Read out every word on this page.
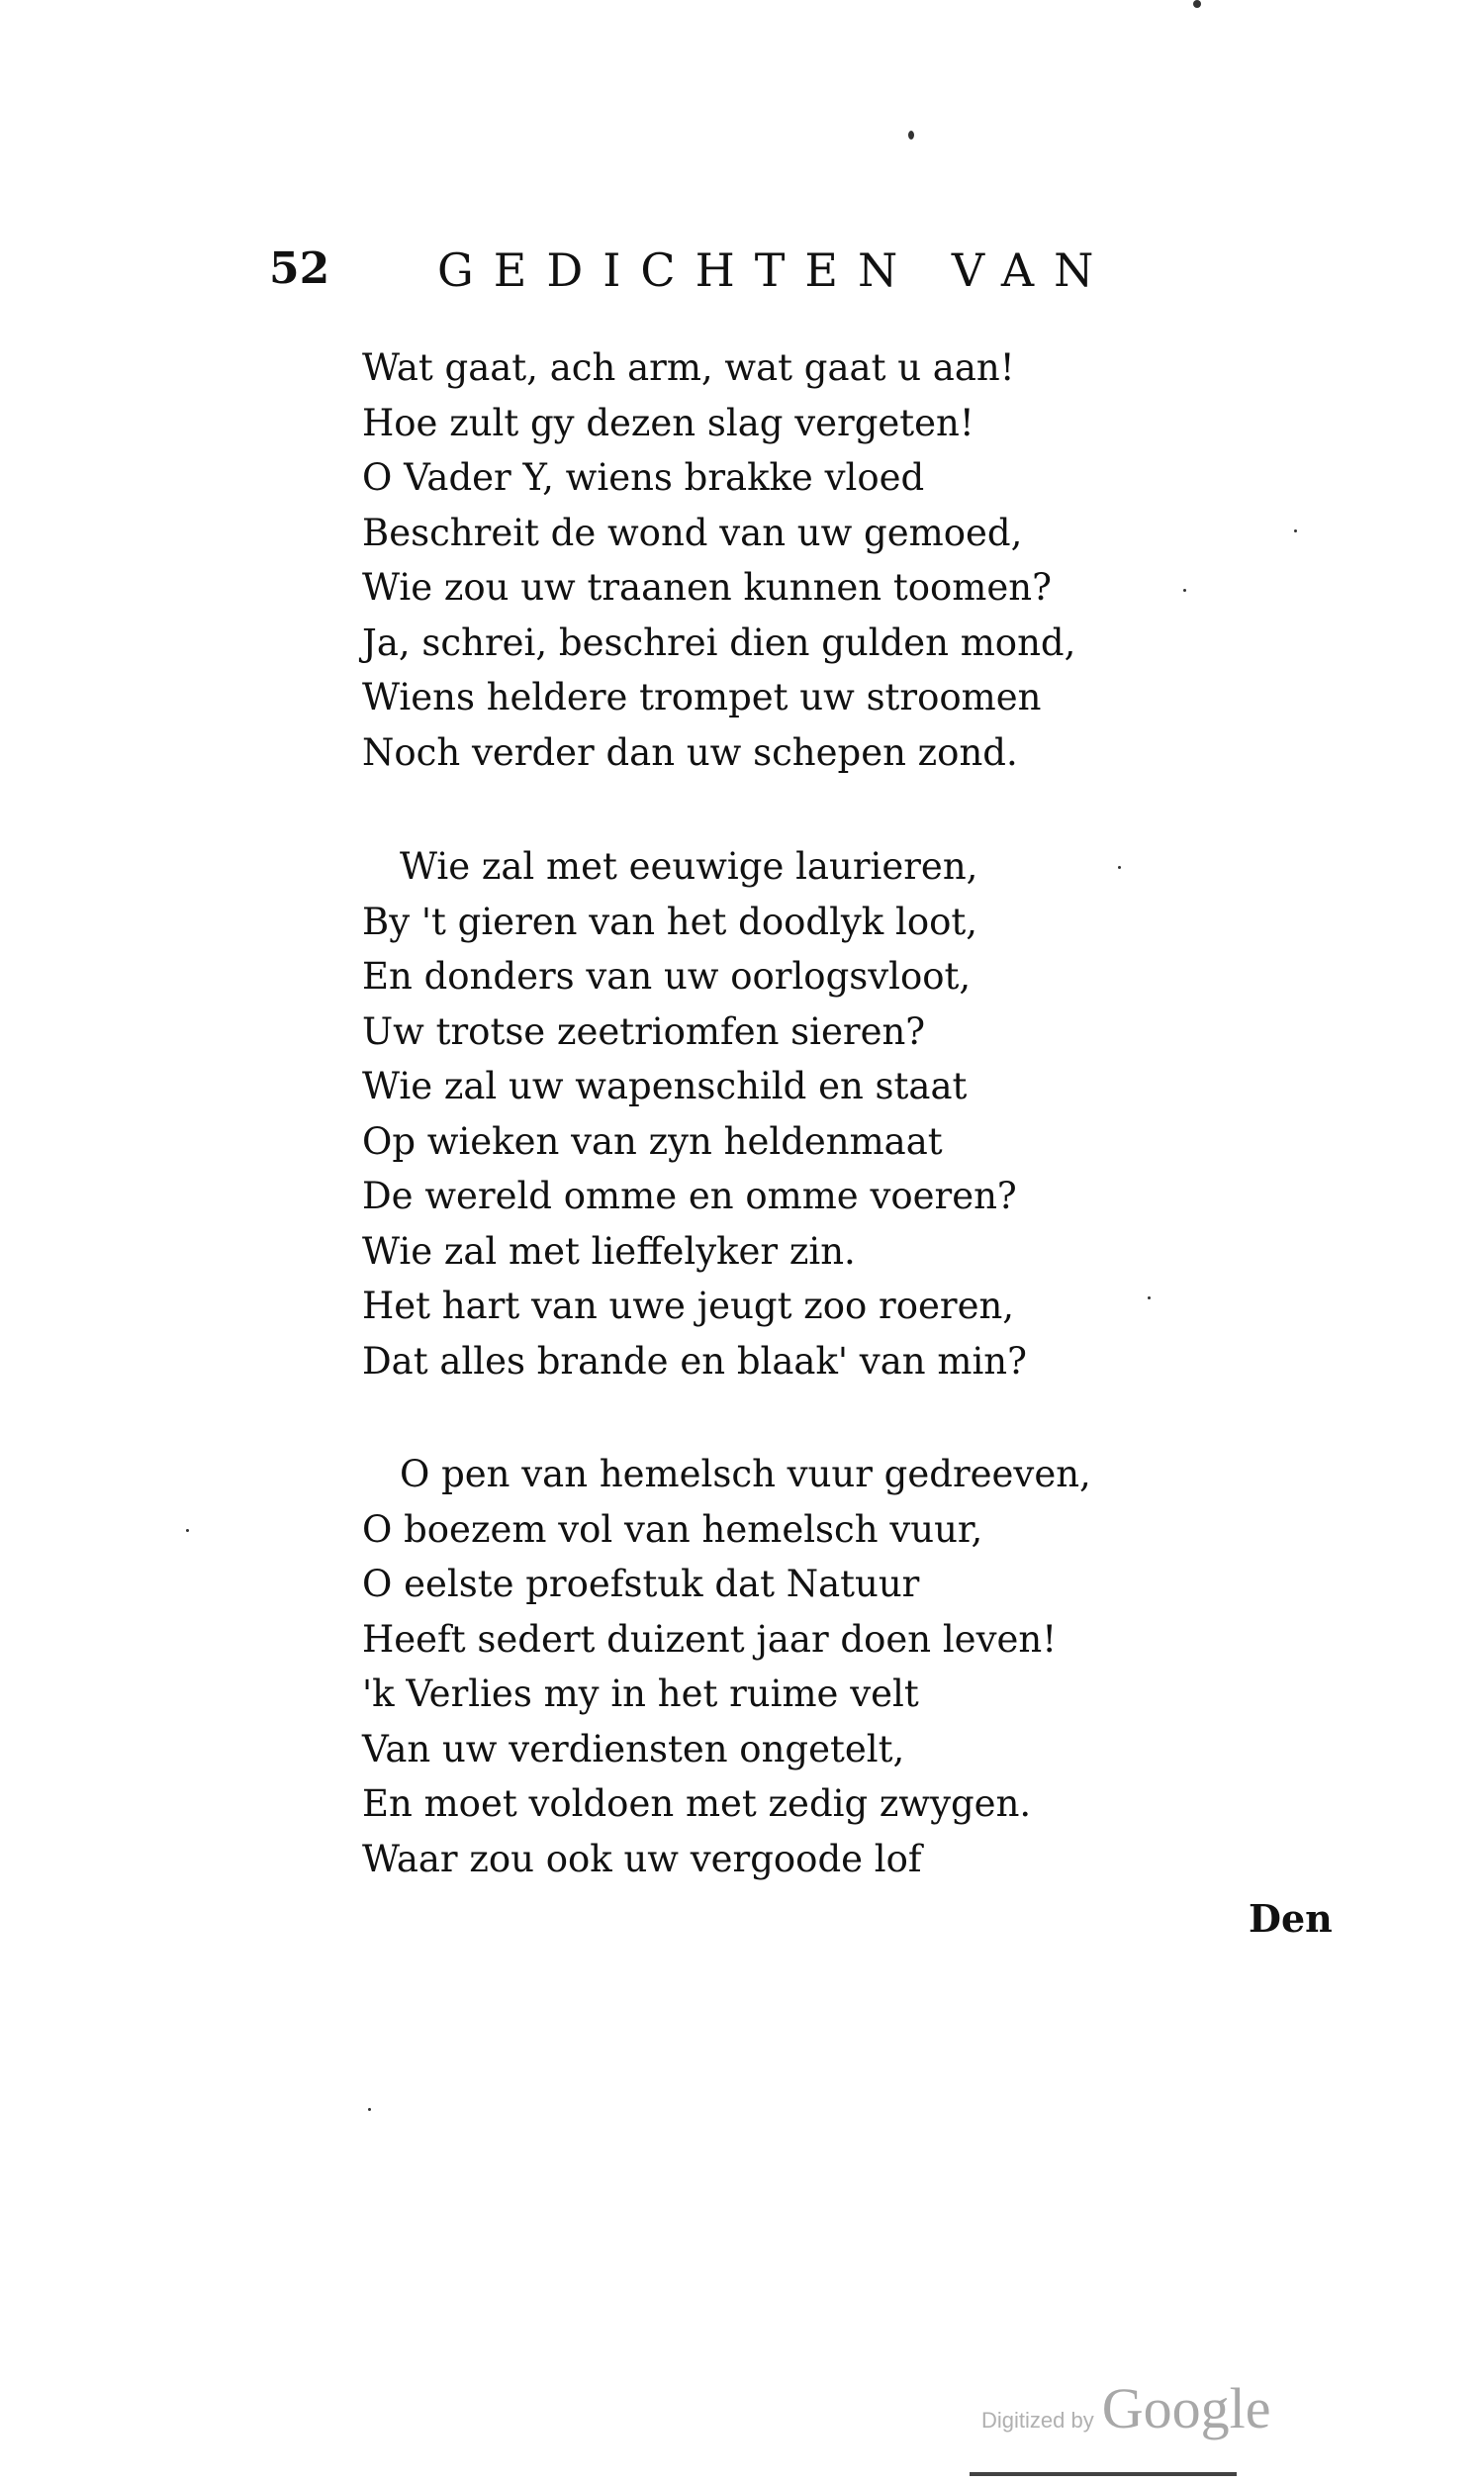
52 GEDICHTEN VAN
Wat gaat, ach arm, wat gaat u aan!
Hoe zult gy dezen slag vergeten!
O Vader Y, wiens brakke vloed
Beschreit de wond van uw gemoed,
Wie zou uw traanen kunnen toomen?
Ja, schrei, beschrei dien gulden mond,
Wiens heldere trompet uw stroomen
Noch verder dan uw schepen zond.
Wie zal met eeuwige laurieren,
By 't gieren van het doodlyk loot,
En donders van uw oorlogsvloot,
Uw trotse zeetriomfen sieren?
Wie zal uw wapenschild en staat
Op wieken van zyn heldenmaat
De wereld omme en omme voeren?
Wie zal met lieffelyker zin.
Het hart van uwe jeugt zoo roeren,
Dat alles brande en blaak' van min?
O pen van hemelsch vuur gedreeven,
O boezem vol van hemelsch vuur,
O eelste proefstuk dat Natuur
Heeft sedert duizent jaar doen leven!
'k Verlies my in het ruime velt
Van uw verdiensten ongetelt,
En moet voldoen met zedig zwygen.
Waar zou ook uw vergoode lof
Den
Digitized by Google
